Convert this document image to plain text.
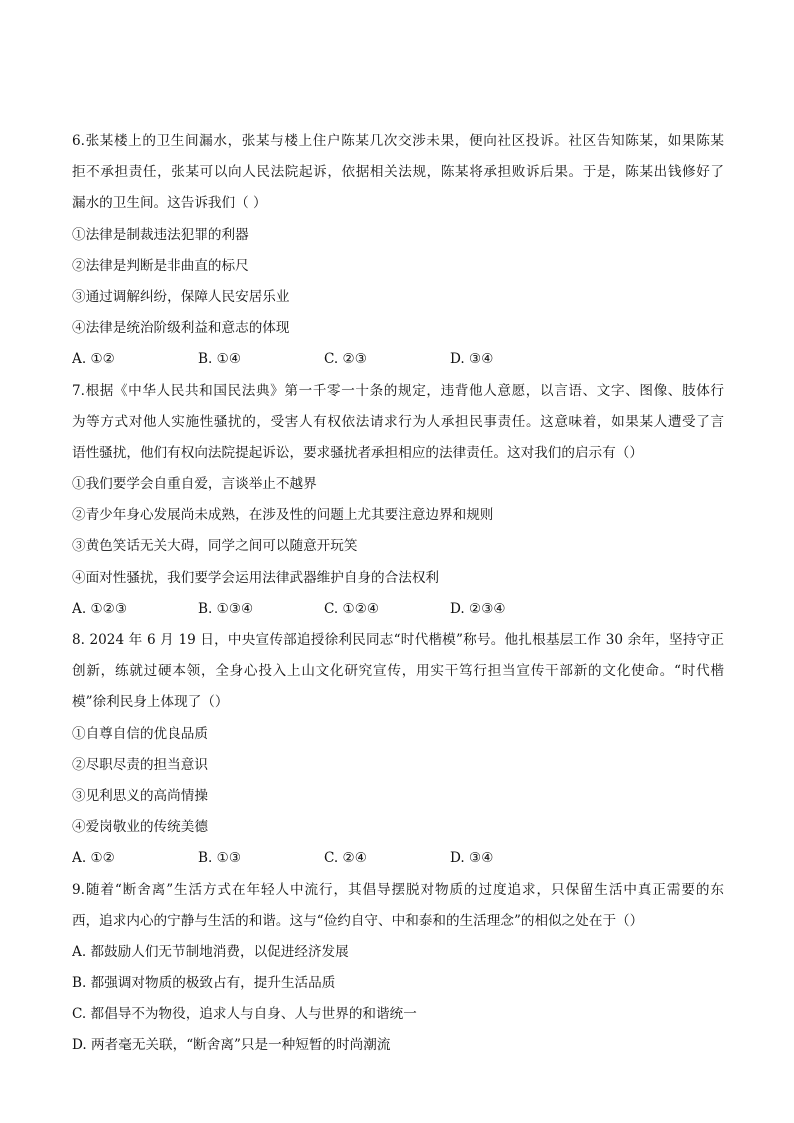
6.张某楼上的卫生间漏水，张某与楼上住户陈某几次交涉未果，便向社区投诉。社区告知陈某，如果陈某
拒不承担责任，张某可以向人民法院起诉，依据相关法规，陈某将承担败诉后果。于是，陈某出钱修好了
漏水的卫生间。这告诉我们（ ）
①法律是制裁违法犯罪的利器
②法律是判断是非曲直的标尺
③通过调解纠纷，保障人民安居乐业
④法律是统治阶级利益和意志的体现
A. ①②	B. ①④	C. ②③	D. ③④
7.根据《中华人民共和国民法典》第一千零一十条的规定，违背他人意愿，以言语、文字、图像、肢体行
为等方式对他人实施性骚扰的，受害人有权依法请求行为人承担民事责任。这意味着，如果某人遭受了言
语性骚扰，他们有权向法院提起诉讼，要求骚扰者承担相应的法律责任。这对我们的启示有（）
①我们要学会自重自爱，言谈举止不越界
②青少年身心发展尚未成熟，在涉及性的问题上尤其要注意边界和规则
③黄色笑话无关大碍，同学之间可以随意开玩笑
④面对性骚扰，我们要学会运用法律武器维护自身的合法权利
A. ①②③	B. ①③④	C. ①②④	D. ②③④
8. 2024 年 6 月 19 日，中央宣传部追授徐利民同志“时代楷模”称号。他扎根基层工作 30 余年，坚持守正
创新，练就过硬本领，全身心投入上山文化研究宣传，用实干笃行担当宣传干部新的文化使命。“时代楷
模”徐利民身上体现了（）
①自尊自信的优良品质
②尽职尽责的担当意识
③见利思义的高尚情操
④爱岗敬业的传统美德
A. ①②	B. ①③	C. ②④	D. ③④
9.随着“断舍离”生活方式在年轻人中流行，其倡导摆脱对物质的过度追求，只保留生活中真正需要的东
西，追求内心的宁静与生活的和谐。这与“俭约自守、中和泰和的生活理念”的相似之处在于（）
A. 都鼓励人们无节制地消费，以促进经济发展
B. 都强调对物质的极致占有，提升生活品质
C. 都倡导不为物役，追求人与自身、人与世界的和谐统一
D. 两者毫无关联，“断舍离”只是一种短暂的时尚潮流
